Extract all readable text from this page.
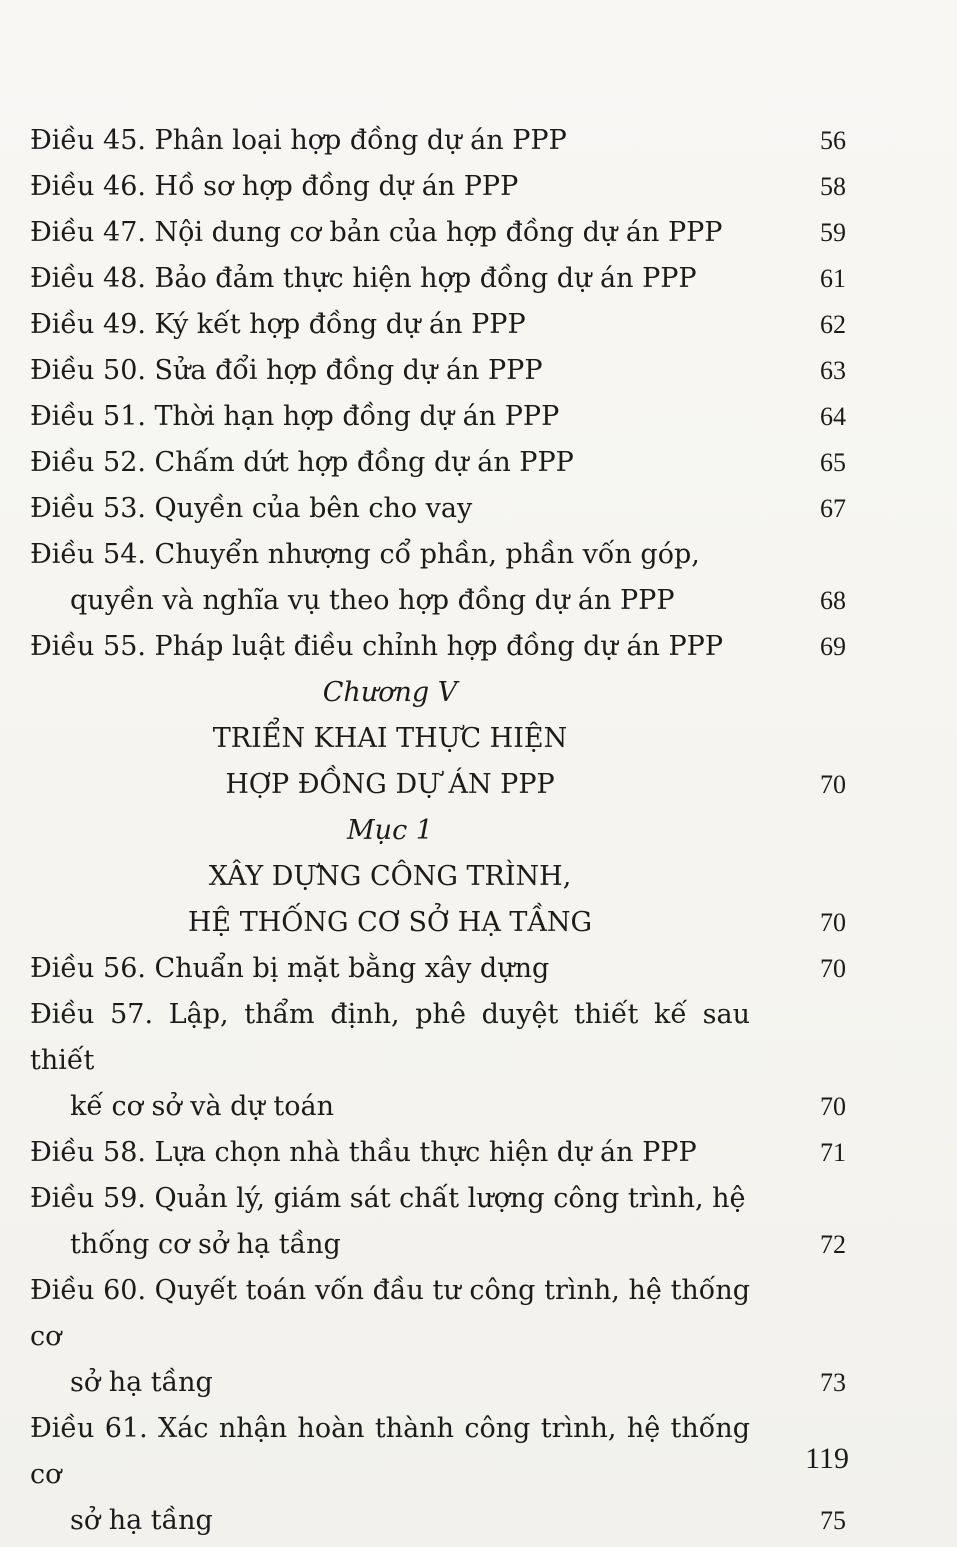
Điều 45. Phân loại hợp đồng dự án PPP	56
Điều 46. Hồ sơ hợp đồng dự án PPP	58
Điều 47. Nội dung cơ bản của hợp đồng dự án PPP	59
Điều 48. Bảo đảm thực hiện hợp đồng dự án PPP	61
Điều 49. Ký kết hợp đồng dự án PPP	62
Điều 50. Sửa đổi hợp đồng dự án PPP	63
Điều 51. Thời hạn hợp đồng dự án PPP	64
Điều 52. Chấm dứt hợp đồng dự án PPP	65
Điều 53. Quyền của bên cho vay	67
Điều 54. Chuyển nhượng cổ phần, phần vốn góp,
quyền và nghĩa vụ theo hợp đồng dự án PPP	68
Điều 55. Pháp luật điều chỉnh hợp đồng dự án PPP	69
Chương V
TRIỂN KHAI THỰC HIỆN
HỢP ĐỒNG DỰ ÁN PPP	70
Mục 1
XÂY DỰNG CÔNG TRÌNH,
HỆ THỐNG CƠ SỞ HẠ TẦNG	70
Điều 56. Chuẩn bị mặt bằng xây dựng	70
Điều 57. Lập, thẩm định, phê duyệt thiết kế sau thiết
kế cơ sở và dự toán	70
Điều 58. Lựa chọn nhà thầu thực hiện dự án PPP	71
Điều 59. Quản lý, giám sát chất lượng công trình, hệ
thống cơ sở hạ tầng	72
Điều 60. Quyết toán vốn đầu tư công trình, hệ thống cơ
sở hạ tầng	73
Điều 61. Xác nhận hoàn thành công trình, hệ thống cơ
sở hạ tầng	75
119
